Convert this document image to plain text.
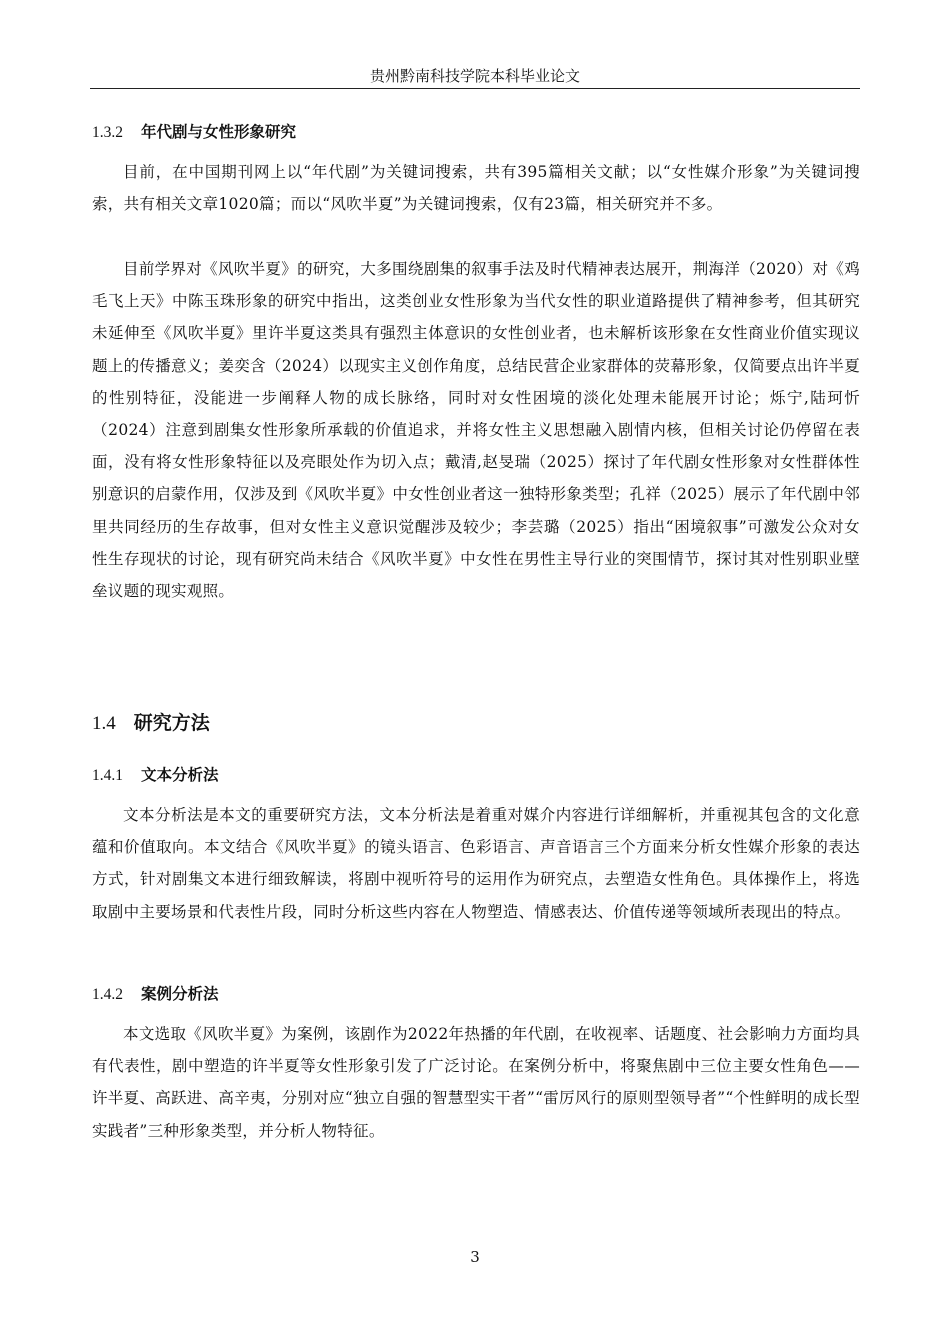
贵州黔南科技学院本科毕业论文
1.3.2 年代剧与女性形象研究

目前，在中国期刊网上以“年代剧”为关键词搜索，共有395篇相关文献；以“女性媒介形象”为关键词搜索，共有相关文章1020篇；而以“风吹半夏”为关键词搜索，仅有23篇，相关研究并不多。

目前学界对《风吹半夏》的研究，大多围绕剧集的叙事手法及时代精神表达展开，荆海洋（2020）对《鸡毛飞上天》中陈玉珠形象的研究中指出，这类创业女性形象为当代女性的职业道路提供了精神参考，但其研究未延伸至《风吹半夏》里许半夏这类具有强烈主体意识的女性创业者，也未解析该形象在女性商业价值实现议题上的传播意义；姜奕含（2024）以现实主义创作角度，总结民营企业家群体的荧幕形象，仅简要点出许半夏的性别特征，没能进一步阐释人物的成长脉络，同时对女性困境的淡化处理未能展开讨论；烁宁,陆珂忻（2024）注意到剧集女性形象所承载的价值追求，并将女性主义思想融入剧情内核，但相关讨论仍停留在表面，没有将女性形象特征以及亮眼处作为切入点；戴清,赵旻瑞（2025）探讨了年代剧女性形象对女性群体性别意识的启蒙作用，仅涉及到《风吹半夏》中女性创业者这一独特形象类型；孔祥（2025）展示了年代剧中邻里共同经历的生存故事，但对女性主义意识觉醒涉及较少；李芸璐（2025）指出“困境叙事”可激发公众对女性生存现状的讨论，现有研究尚未结合《风吹半夏》中女性在男性主导行业的突围情节，探讨其对性别职业壁垒议题的现实观照。

1.4 研究方法
1.4.1 文本分析法

文本分析法是本文的重要研究方法，文本分析法是着重对媒介内容进行详细解析，并重视其包含的文化意蕴和价值取向。本文结合《风吹半夏》的镜头语言、色彩语言、声音语言三个方面来分析女性媒介形象的表达方式，针对剧集文本进行细致解读，将剧中视听符号的运用作为研究点，去塑造女性角色。具体操作上，将选取剧中主要场景和代表性片段，同时分析这些内容在人物塑造、情感表达、价值传递等领域所表现出的特点。

1.4.2 案例分析法

本文选取《风吹半夏》为案例，该剧作为2022年热播的年代剧，在收视率、话题度、社会影响力方面均具有代表性，剧中塑造的许半夏等女性形象引发了广泛讨论。在案例分析中，将聚焦剧中三位主要女性角色——许半夏、高跃进、高辛夷，分别对应“独立自强的智慧型实干者”“雷厉风行的原则型领导者”“个性鲜明的成长型实践者”三种形象类型，并分析人物特征。

3
